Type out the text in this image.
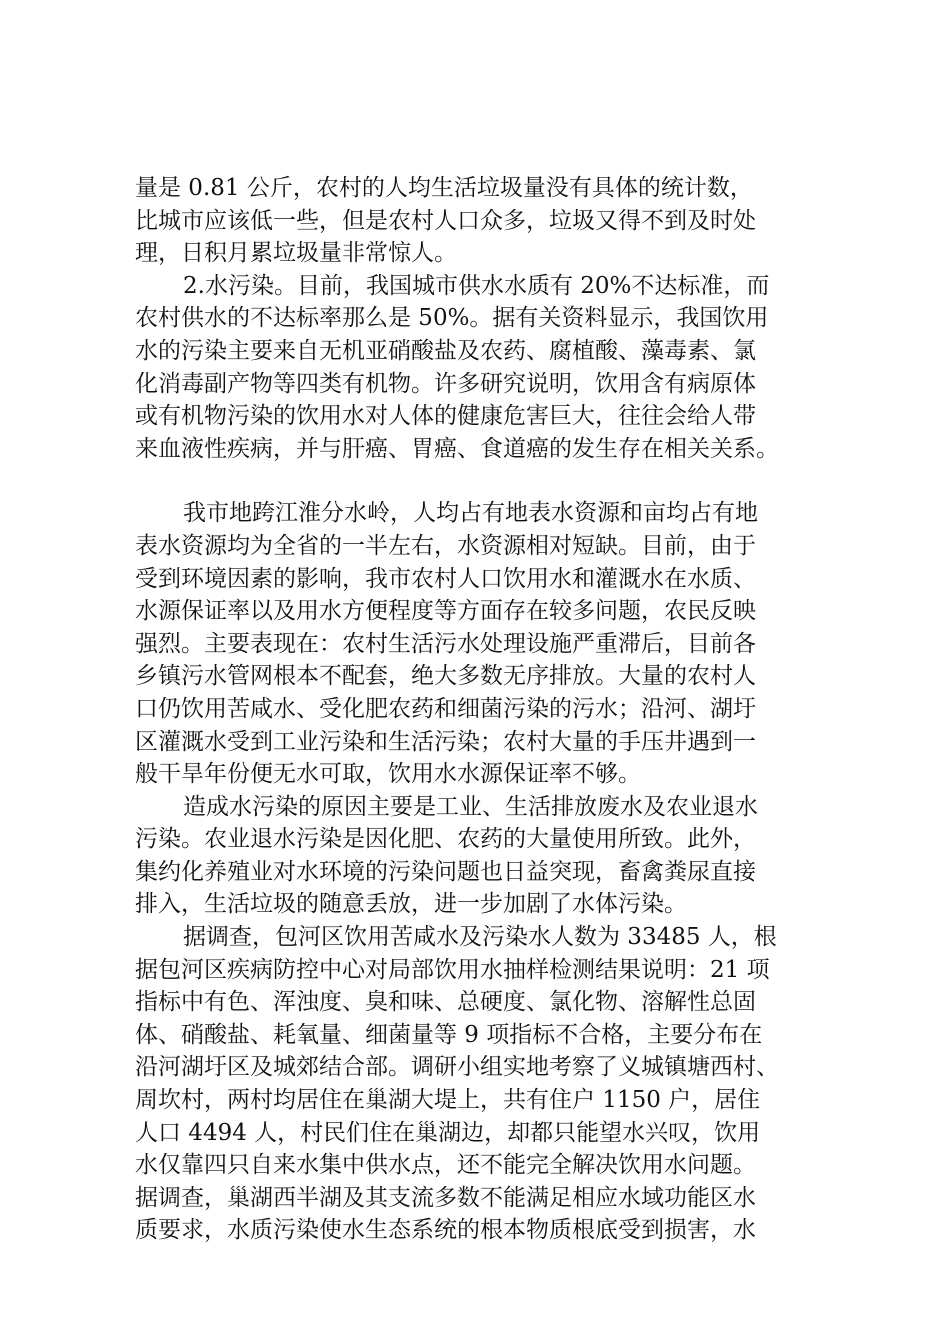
量是 0.81 公斤，农村的人均生活垃圾量没有具体的统计数，
比城市应该低一些，但是农村人口众多，垃圾又得不到及时处
理，日积月累垃圾量非常惊人。
2.水污染。目前，我国城市供水水质有 20%不达标准，而
农村供水的不达标率那么是 50%。据有关资料显示，我国饮用
水的污染主要来自无机亚硝酸盐及农药、腐植酸、藻毒素、氯
化消毒副产物等四类有机物。许多研究说明，饮用含有病原体
或有机物污染的饮用水对人体的健康危害巨大，往往会给人带
来血液性疾病，并与肝癌、胃癌、食道癌的发生存在相关关系。
我市地跨江淮分水岭，人均占有地表水资源和亩均占有地
表水资源均为全省的一半左右，水资源相对短缺。目前，由于
受到环境因素的影响，我市农村人口饮用水和灌溉水在水质、
水源保证率以及用水方便程度等方面存在较多问题，农民反映
强烈。主要表现在：农村生活污水处理设施严重滞后，目前各
乡镇污水管网根本不配套，绝大多数无序排放。大量的农村人
口仍饮用苦咸水、受化肥农药和细菌污染的污水；沿河、湖圩
区灌溉水受到工业污染和生活污染；农村大量的手压井遇到一
般干旱年份便无水可取，饮用水水源保证率不够。
造成水污染的原因主要是工业、生活排放废水及农业退水
污染。农业退水污染是因化肥、农药的大量使用所致。此外，
集约化养殖业对水环境的污染问题也日益突现，畜禽粪尿直接
排入，生活垃圾的随意丢放，进一步加剧了水体污染。
据调查，包河区饮用苦咸水及污染水人数为 33485 人，根
据包河区疾病防控中心对局部饮用水抽样检测结果说明：21 项
指标中有色、浑浊度、臭和味、总硬度、氯化物、溶解性总固
体、硝酸盐、耗氧量、细菌量等 9 项指标不合格，主要分布在
沿河湖圩区及城郊结合部。调研小组实地考察了义城镇塘西村、
周坎村，两村均居住在巢湖大堤上，共有住户 1150 户，居住
人口 4494 人，村民们住在巢湖边，却都只能望水兴叹，饮用
水仅靠四只自来水集中供水点，还不能完全解决饮用水问题。
据调查，巢湖西半湖及其支流多数不能满足相应水域功能区水
质要求，水质污染使水生态系统的根本物质根底受到损害，水
